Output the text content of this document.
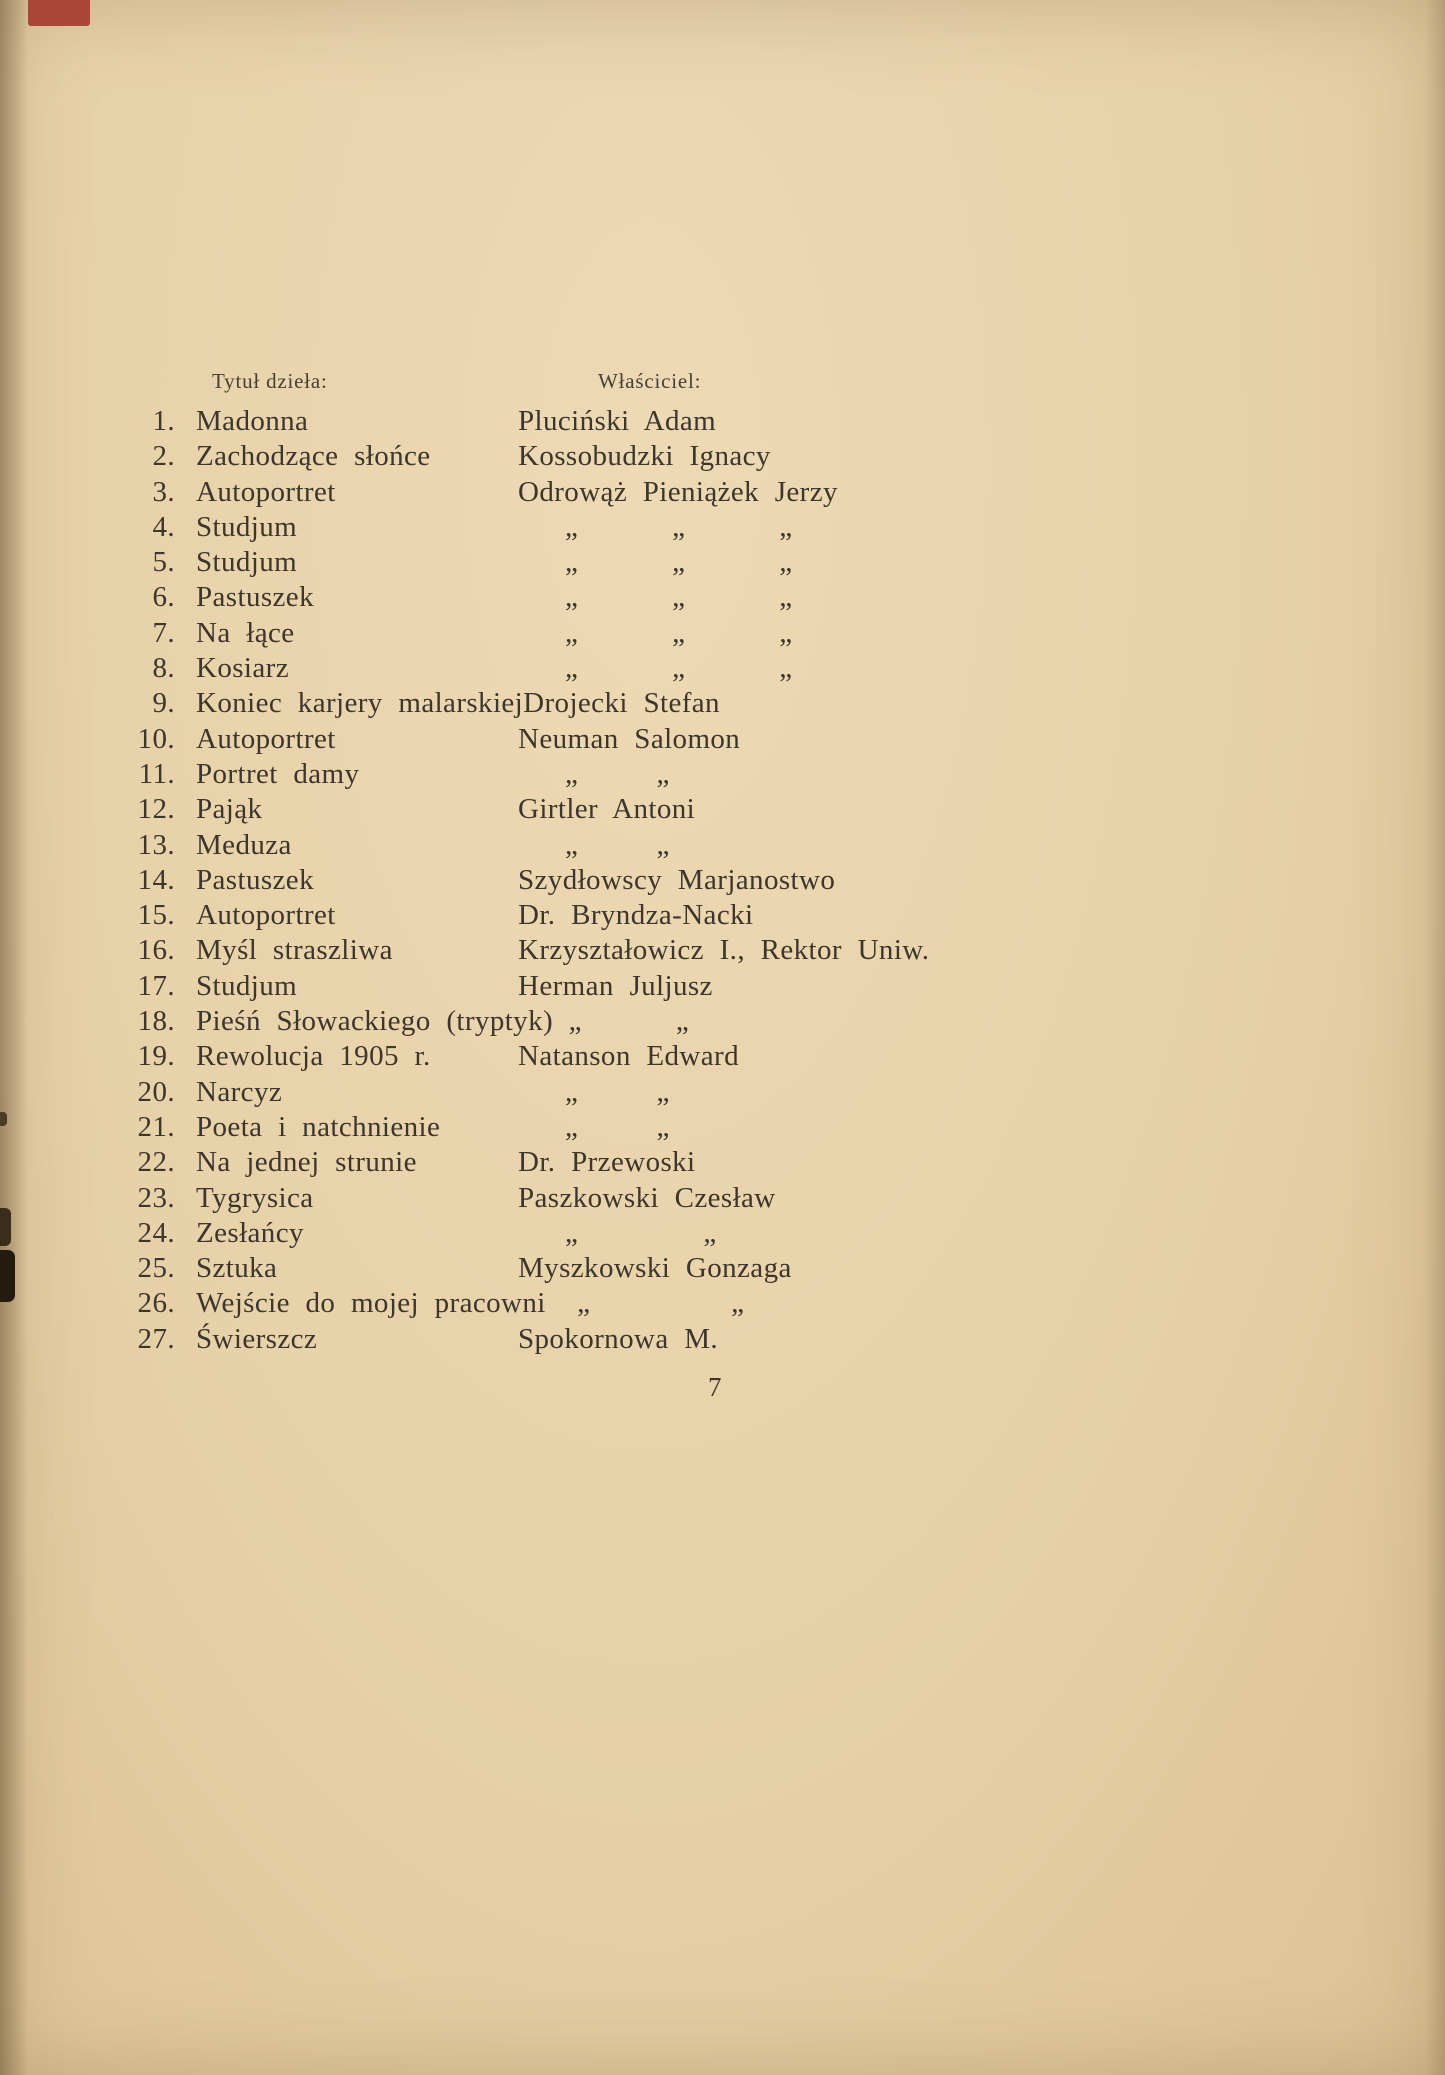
Tytuł dzieła:	Właściciel:
1. Madonna	Pluciński Adam
2. Zachodzące słońce	Kossobudzki Ignacy
3. Autoportret	Odrowąż Pieniążek Jerzy
4. Studjum	„      „      „
5. Studjum	„      „      „
6. Pastuszek	„      „      „
7. Na łące	„      „      „
8. Kosiarz	„      „      „
9. Koniec karjery malarskiej Drojecki Stefan
10. Autoportret	Neuman Salomon
11. Portret damy	„     „
12. Pająk	Girtler Antoni
13. Meduza	„     „
14. Pastuszek	Szydłowscy Marjanostwo
15. Autoportret	Dr. Bryndza-Nacki
16. Myśl straszliwa	Krzyształowicz I., Rektor Uniw.
17. Studjum	Herman Juljusz
18. Pieśń Słowackiego (tryptyk) „      „
19. Rewolucja 1905 r.	Natanson Edward
20. Narcyz	„     „
21. Poeta i natchnienie	„     „
22. Na jednej strunie	Dr. Przewoski
23. Tygrysica	Paszkowski Czesław
24. Zesłańcy	„        „
25. Sztuka	Myszkowski Gonzaga
26. Wejście do mojej pracowni „         „
27. Świerszcz	Spokornowa M.
7
